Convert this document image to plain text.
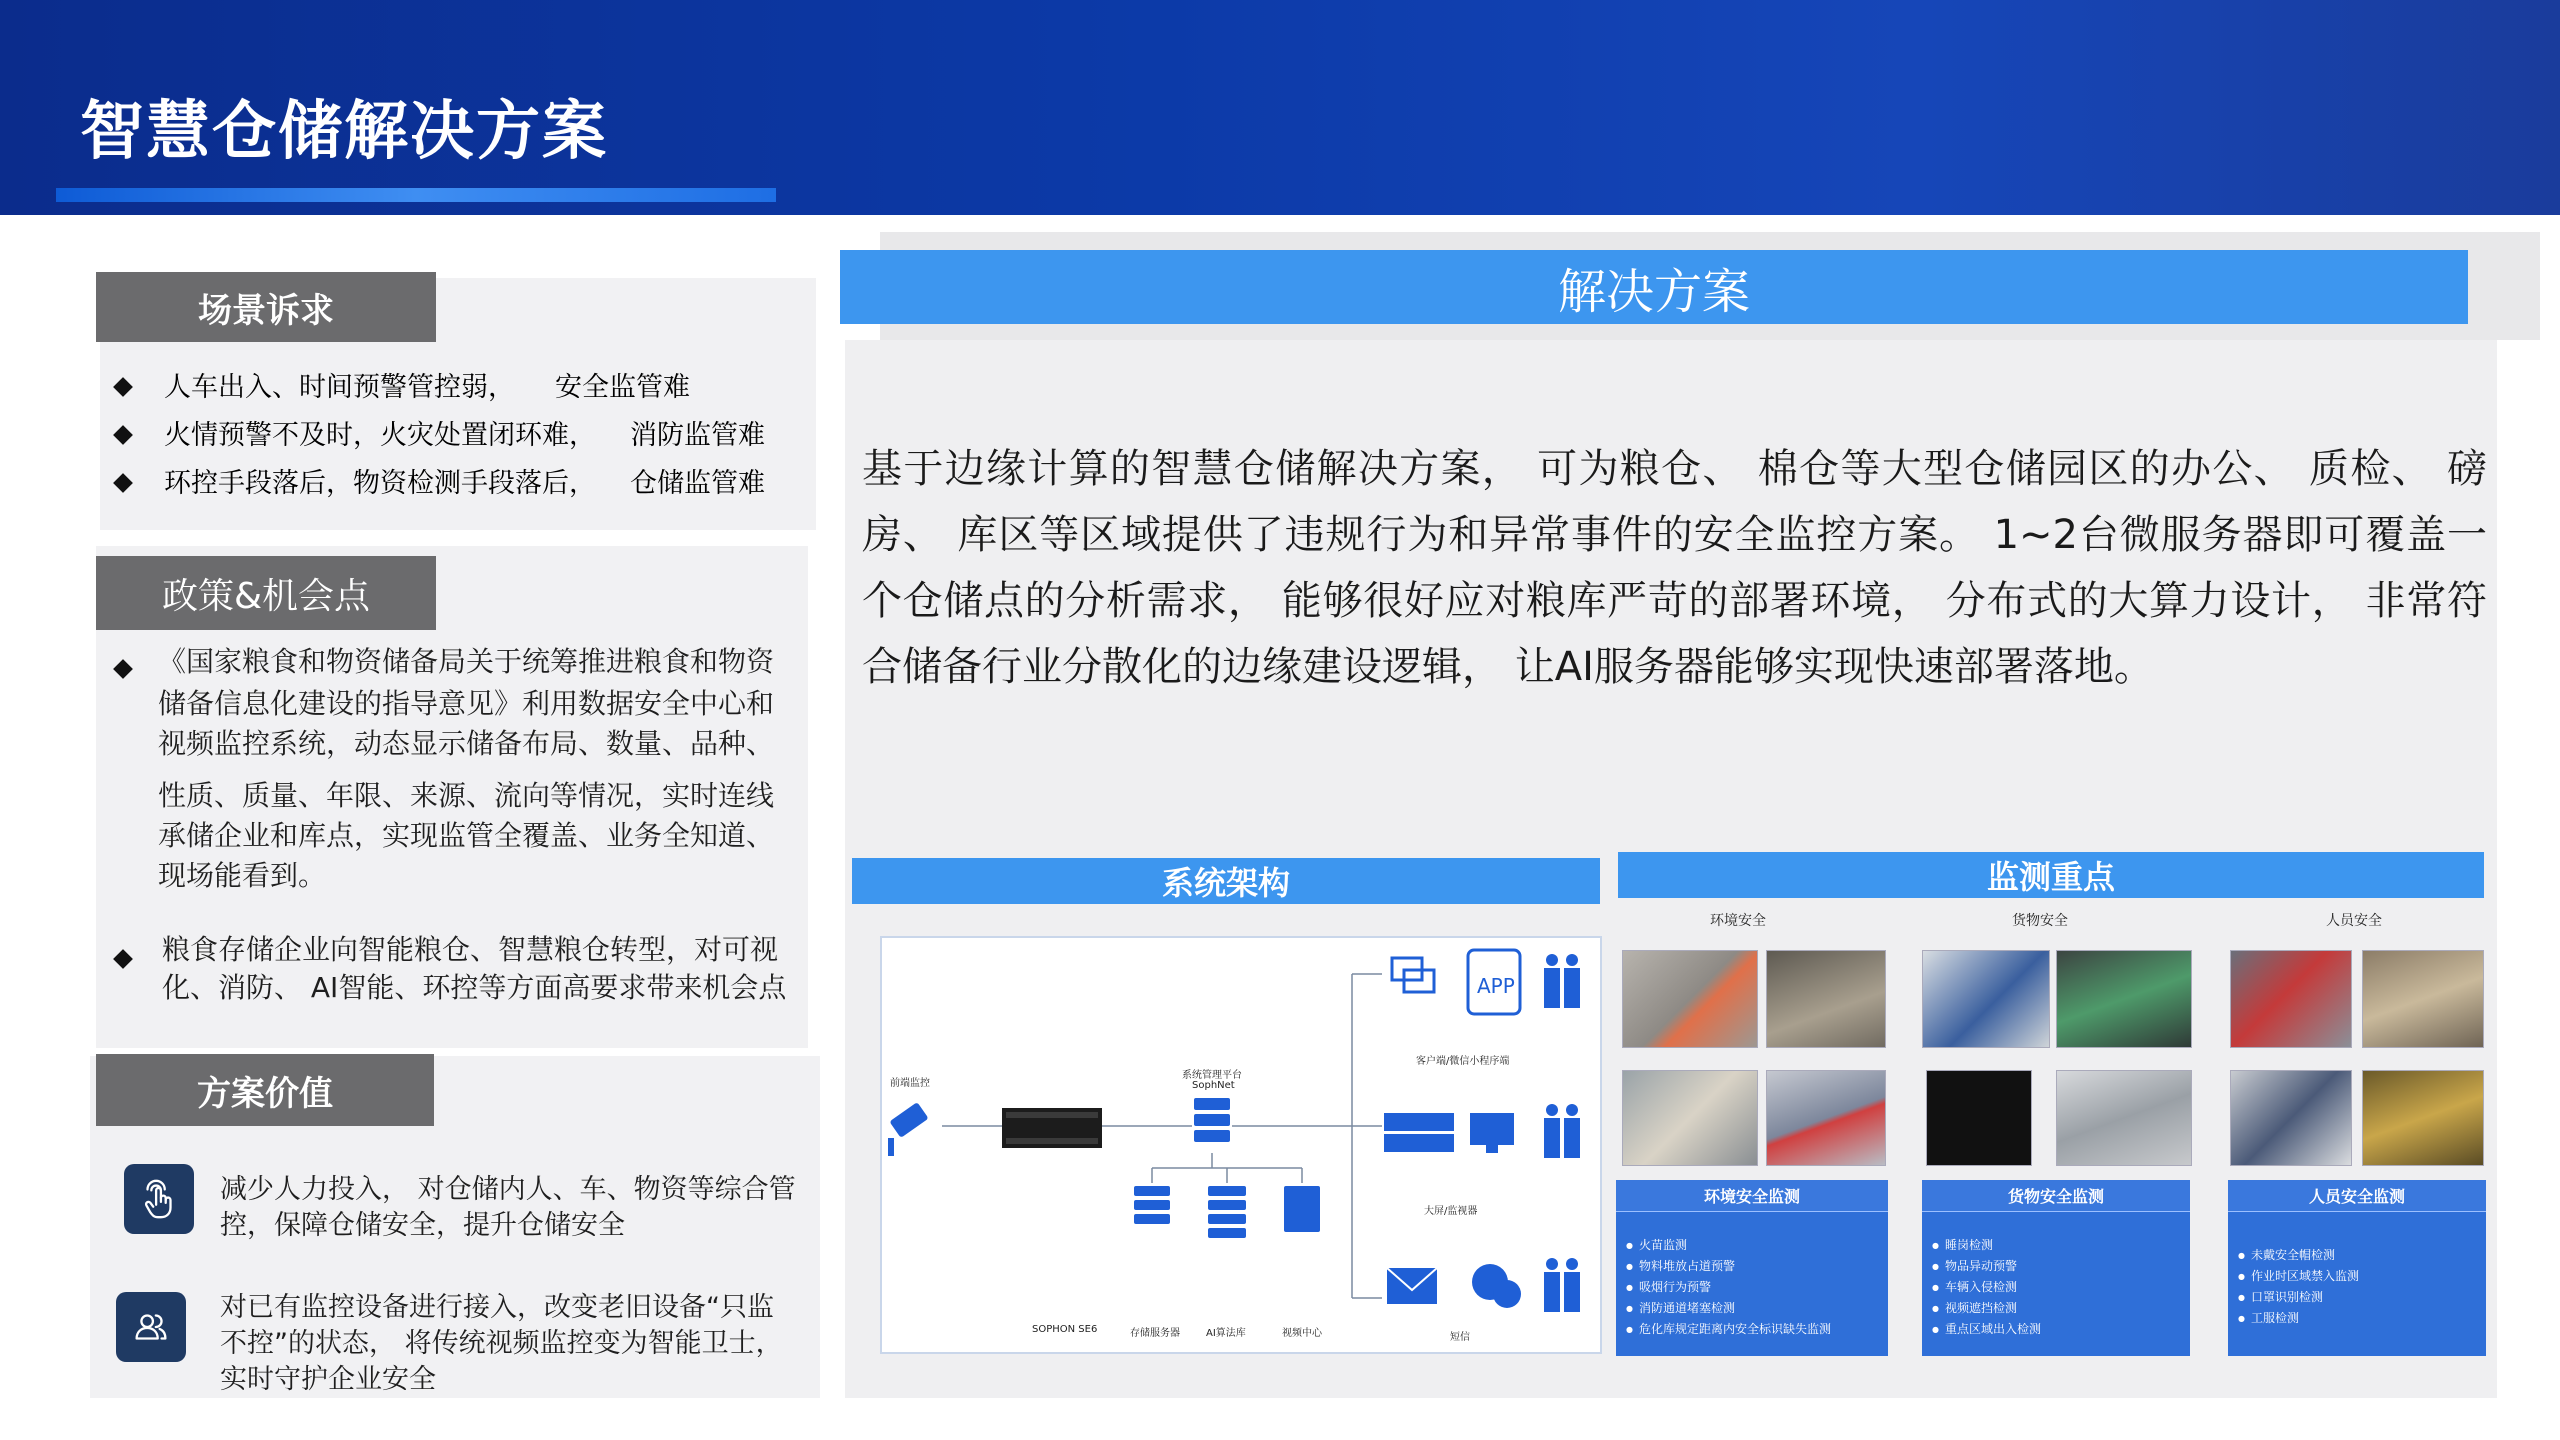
智慧仓储解决方案
场景诉求
人车出入、时间预警管控弱， 安全监管难
火情预警不及时，火灾处置闭环难， 消防监管难
环控手段落后，物资检测手段落后， 仓储监管难
政策&机会点
《国家粮食和物资储备局关于统筹推进粮食和物资
储备信息化建设的指导意见》利用数据安全中心和
视频监控系统，动态显示储备布局、数量、品种、
性质、质量、年限、来源、流向等情况，实时连线
承储企业和库点，实现监管全覆盖、业务全知道、
现场能看到。
粮食存储企业向智能粮仓、智慧粮仓转型，对可视
化、消防、 AI智能、环控等方面高要求带来机会点
方案价值
减少人力投入， 对仓储内人、车、物资等综合管
控，保障仓储安全，提升仓储安全
对已有监控设备进行接入，改变老旧设备“只监
不控”的状态， 将传统视频监控变为智能卫士，
实时守护企业安全
解决方案
基于边缘计算的智慧仓储解决方案， 可为粮仓、 棉仓等大型仓储园区的办公、 质检、 磅房、 库区等区域提供了违规行为和异常事件的安全监控方案。 1~2台微服务器即可覆盖一个仓储点的分析需求， 能够很好应对粮库严苛的部署环境， 分布式的大算力设计， 非常符合储备行业分散化的边缘建设逻辑， 让AI服务器能够实现快速部署落地。
系统架构
APP
前端监控
系统管理平台
SophNet
客户端/微信小程序端
大屏/监视器
短信
SOPHON SE6	存储服务器	AI算法库	视频中心
监测重点
环境安全	货物安全	人员安全
环境安全监测
● 火苗监测
● 物料堆放占道预警
● 吸烟行为预警
● 消防通道堵塞检测
● 危化库规定距离内安全标识缺失监测
货物安全监测
● 睡岗检测
● 物品异动预警
● 车辆入侵检测
● 视频遮挡检测
● 重点区域出入检测
人员安全监测
● 未戴安全帽检测
● 作业时区域禁入监测
● 口罩识别检测
● 工服检测
